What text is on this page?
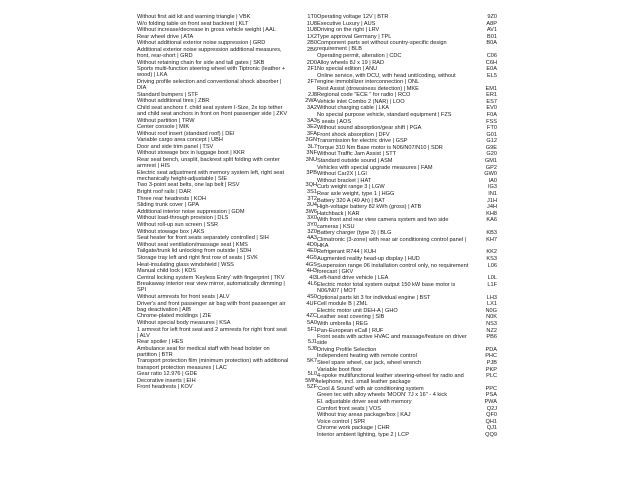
Without first aid kit and warning triangle | VBK	1T0
W/o folding table on front seat backrest | KLT	1U8
Without increase/decrease in gross vehicle weight | AAL	1U8
Rear wheel drive | ATA	1X2
Without additional exterior noise suppression | GRD	2B0
Additional exterior noise suppression additional measures, front, rear-short | GRD
2B6
Without retaining chain for side and tall gates | SKB	2D0
Sports multi-function steering wheel with Tiptronic (leather + wood) | LKA
2F1
Driving profile selection and conventional shock absorber | DIA
2F7
Standard bumpers | STF	2J8
Without additional tires | ZBR	2WA
Child seat anchors f. child seat system I-Size, 2x top tether and child seat anchors in front on front passenger side | ZKV
3A2
Without partition | TRW	3A3
Center console | MIK	3E2
Without roof insert (standard roof) | DEI	3FA
Variable cargo area concept | UBH	3GN
Door and side trim panel | TSV	3L7
Without stowage box in luggage boot | KKR	3NF
Rear seat bench, unsplit, backrest split folding with center armrest | HIS
3NU
Electric seat adjustment with memory system left, right seat mechanically height-adjustable | SIE
3PB
Two 3-point seat belts, one lap belt | RSV	3QH
Bright roof rails | DAR	3S1
Three rear headrests | KOH	3T2
Sliding trunk cover | GPA	3U4
Additional interior noise suppression | GDM	3W6
Without load-through provision | DLS	3X0
Without roll-up sun screen | SSR	3Y0
Without stowage box | AKS	3Z0
Seat heater for front seats separately controlled | SIH	4A3
Without seat ventilation/massage seat | KMS	4D0
Tailgate/trunk lid unlocking from outside | SDH	4E0
Storage tray left and right first row of seats | SVK	4G5
Heat-insulating glass windshield | WSS	4GS
Manual child lock | KDS	4H3
Central locking system 'Keyless Entry' with fingerprint | TKV	4I3
Breakaway interior rear view mirror, automatically dimming | SPI
4L6
Without armrests for front seats | ALV	4S0
Driver's and front passenger air bag with front passenger air bag deactivation | AIB
4UF
Chrome-plated moldings | ZIE	4ZC
Without special body measures | KSA	5A0
1 armrest for left front seat and 2 armrests for right front seat | ALV
5F1
Rear spoiler | HES	5J1
Ambulance seat for medical staff with head bolster on partition | BTR
5J8
Transport protection film (minimum protection) with additional transport protection measures | LAC
5K7
Gear ratio 12.976 | GDE	5L0
Decorative inserts | EIH	5MN
Front headrests | KOV	5ZF
Operating voltage 12V | BTR	9Z0
Executive Luxury | AUS	A8P
Driving on the right | LRV	AV1
Type approval Germany | TPL	B01
Component parts set without country-specific design requirement | BLB
B0A
Operating permit, alteration | CDC	C06
Alloy wheels 8J x 19 | RAD	C6H
No special edition | ANU	E0A
Online service, with DCU, with head unit/coding, without engine immobilizer interconnection | ONL
EL5
Rest Assist (drowsiness detection) | MKE	EM1
Regional code "ECE " for radio | RCO	ER1
Vehicle inlet Combo 2 (NAR) | LOO	ES7
Without charging cable | LKA	EV0
No special purpose vehicle, standard equipment | FZS	F0A
5 seats | AOS	FSS
Without sound absorption/gear shift | PGA	FT0
Front shock absorption | DFV	G01
Transmission for electric drive | GSP	G12
Torque 310 Nm Base motor is N06/N07/N10 | SDR	G9E
Without Traffic Jam Assist | STT	G20
Standard outside sound | ASM	GM1
Vehicles with special upgrade measures | FAM	GP2
Without Car2X | LGI	GW0
Without bracket | HAT	IA0
Curb weight range 3 | LGW	IG3
Rear axle weight, type 1 | HGG	IN1
Battery 320 A (49 Ah) | BAT	J1H
High-voltage battery 82 kWh (gross) | ATB	J4H
Hatchback | KAR	KH8
With front and rear view camera system and two side cameras | KSU
KA6
Battery charger (type 3) | BLG	KB3
Climatronic (3-zone) with rear air conditioning control panel | HKA
KH7
Refrigerant R744 | KUH	KK2
Augmented reality head-up display | HUD	KS3
Suspension range 06 installation control only, no requirement forecast | GKV
L06
Left-hand drive vehicle | LEA	L0L
Electric motor total system output 150 kW base motor is N06/N07 | MOT
L1F
Optional parts kit 3 for individual engine | BST	LH3
Cell module B | ZML	LX1
Electric motor unit DEH-A | GHO	N0G
Leather seat covering | SIB	N0K
With umbrella | REG	NS3
Pan-European eCall | RUF	NZ2
Front seats with active HVAC and massage/feature on driver side
PB6
Driving Profile Selection	PDA
Independent heating with remote control	PHC
Steel spare wheel, car jack, wheel wrench	PJB
Variable boot floor	PKP
4-spoke multifunctional leather steering-wheel for radio and telephone, incl. small leather package
PLC
'Cool & Sound' with air conditioning system	PPC
Green tec with alloy wheels 'MOON' 7J x 16" - 4 kick	PSA
El. adjustable driver seat with memory	PWA
Comfort front seats | VOS	Q2J
Without tray areas package/box | KAJ	QF0
Voice control | SPR	QH1
Chrome work package | CHR	QJ1
Interior ambient lighting, type 2 | LCP	QQ9
